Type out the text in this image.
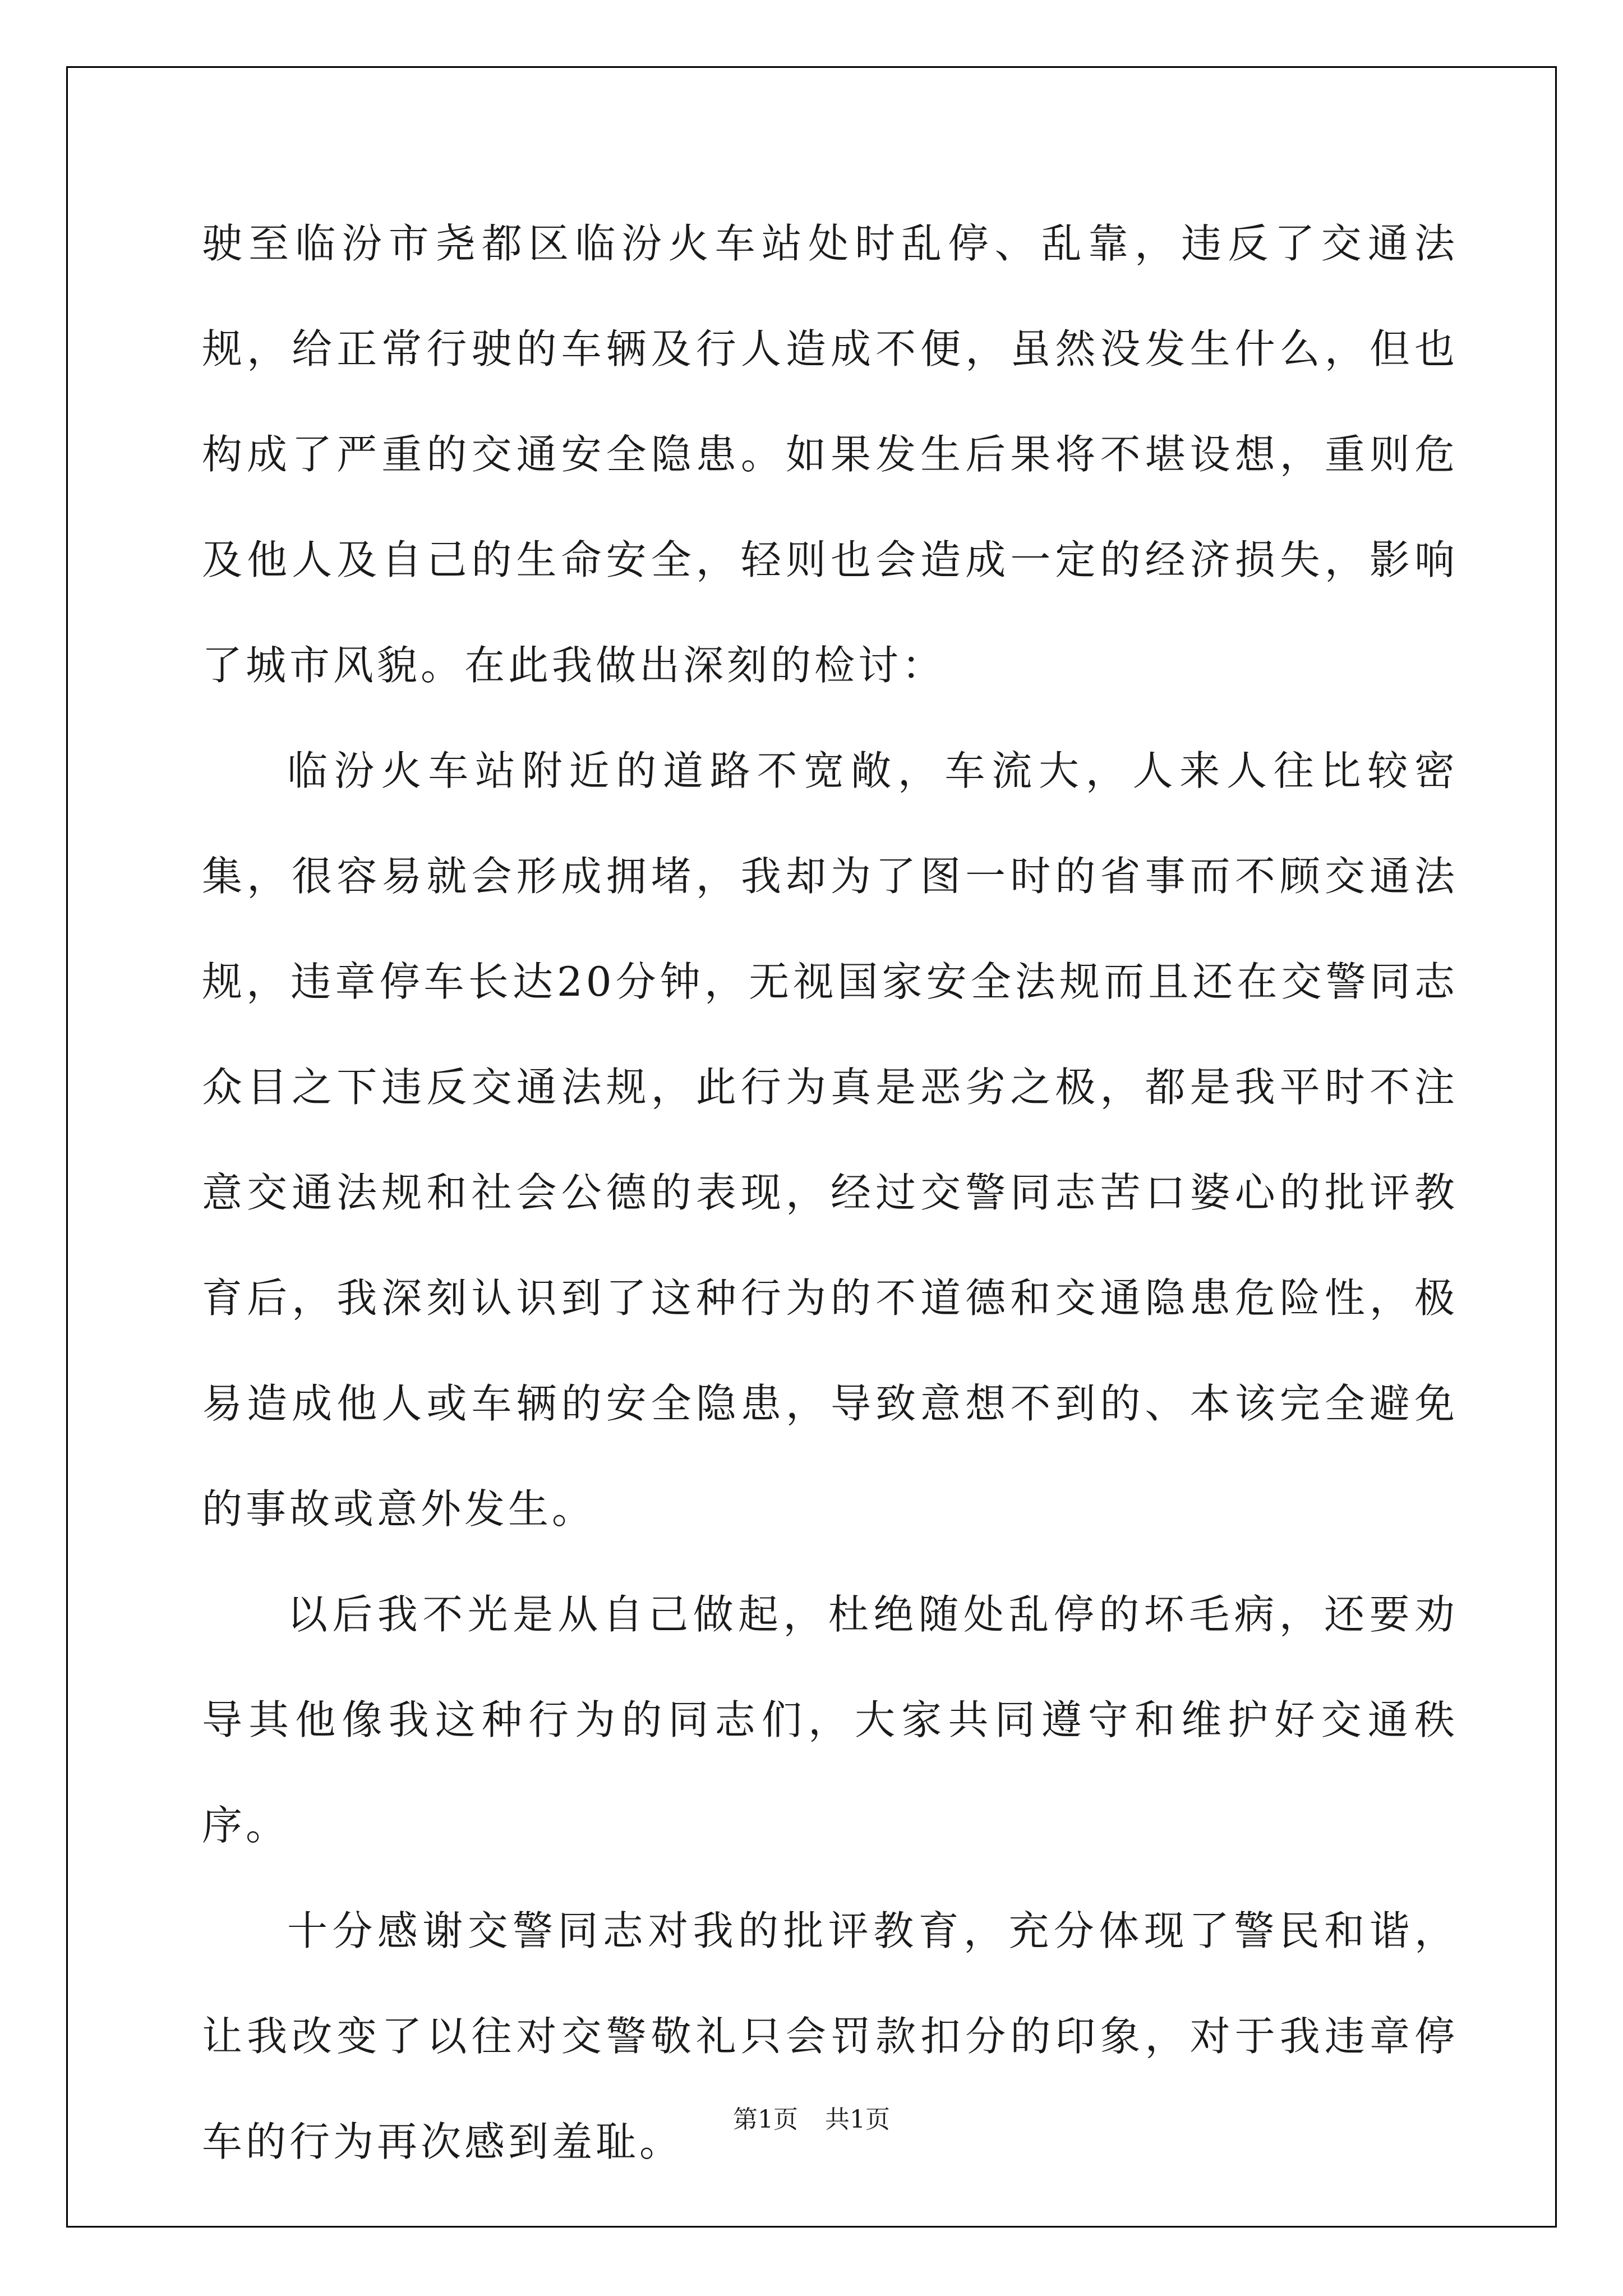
驶至临汾市尧都区临汾火车站处时乱停、乱靠，违反了交通法规，给正常行驶的车辆及行人造成不便，虽然没发生什么，但也构成了严重的交通安全隐患。如果发生后果将不堪设想，重则危及他人及自己的生命安全，轻则也会造成一定的经济损失，影响了城市风貌。在此我做出深刻的检讨：

临汾火车站附近的道路不宽敞，车流大，人来人往比较密集，很容易就会形成拥堵，我却为了图一时的省事而不顾交通法规，违章停车长达20分钟，无视国家安全法规而且还在交警同志众目之下违反交通法规，此行为真是恶劣之极，都是我平时不注意交通法规和社会公德的表现，经过交警同志苦口婆心的批评教育后，我深刻认识到了这种行为的不道德和交通隐患危险性，极易造成他人或车辆的安全隐患，导致意想不到的、本该完全避免的事故或意外发生。

以后我不光是从自己做起，杜绝随处乱停的坏毛病，还要劝导其他像我这种行为的同志们，大家共同遵守和维护好交通秩序。

十分感谢交警同志对我的批评教育，充分体现了警民和谐，让我改变了以往对交警敬礼只会罚款扣分的印象，对于我违章停车的行为再次感到羞耻。	第1页 共1页
